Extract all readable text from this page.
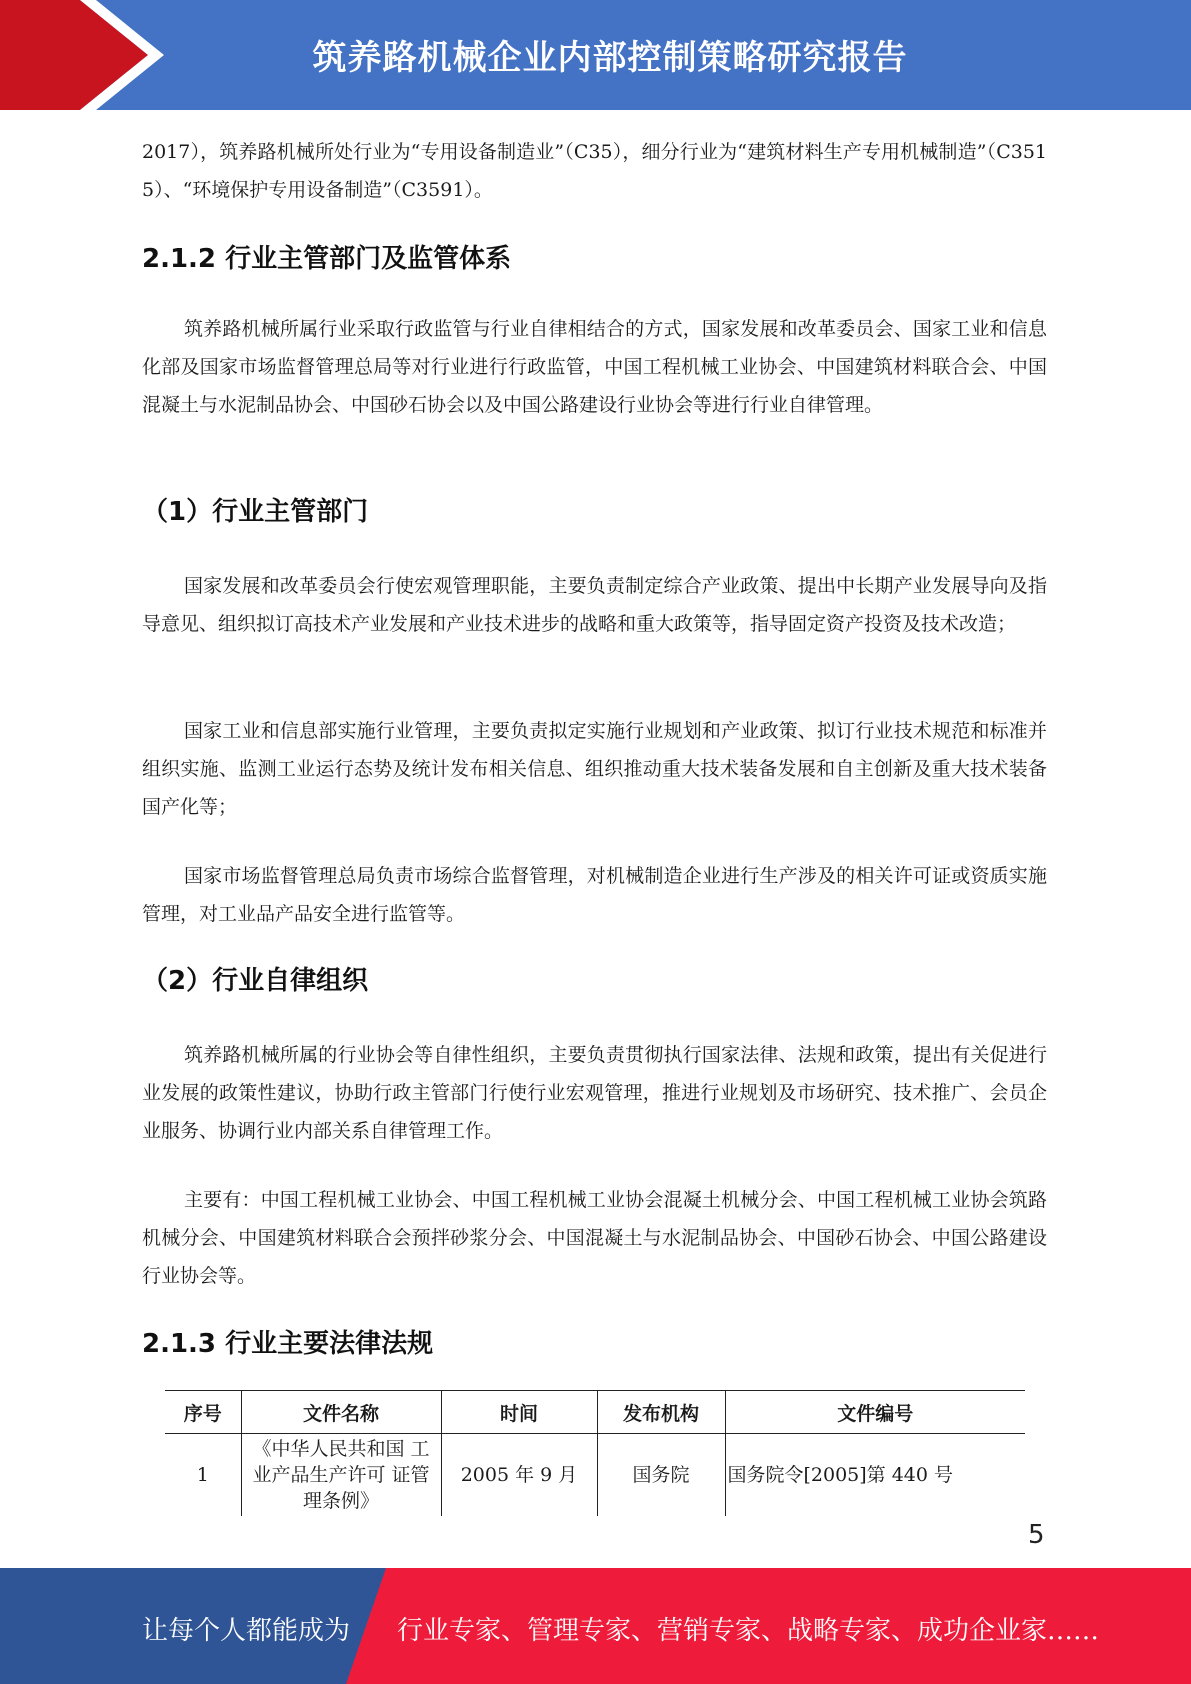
筑养路机械企业内部控制策略研究报告

2017），筑养路机械所处行业为“专用设备制造业”（C35），细分行业为“建筑材料生产专用机械制造”（C3515）、“环境保护专用设备制造”（C3591）。

2.1.2 行业主管部门及监管体系

筑养路机械所属行业采取行政监管与行业自律相结合的方式，国家发展和改革委员会、国家工业和信息化部及国家市场监督管理总局等对行业进行行政监管，中国工程机械工业协会、中国建筑材料联合会、中国混凝土与水泥制品协会、中国砂石协会以及中国公路建设行业协会等进行行业自律管理。

（1）行业主管部门

国家发展和改革委员会行使宏观管理职能，主要负责制定综合产业政策、提出中长期产业发展导向及指导意见、组织拟订高技术产业发展和产业技术进步的战略和重大政策等，指导固定资产投资及技术改造；

国家工业和信息部实施行业管理，主要负责拟定实施行业规划和产业政策、拟订行业技术规范和标准并组织实施、监测工业运行态势及统计发布相关信息、组织推动重大技术装备发展和自主创新及重大技术装备国产化等；

国家市场监督管理总局负责市场综合监督管理，对机械制造企业进行生产涉及的相关许可证或资质实施管理，对工业品产品安全进行监管等。

（2）行业自律组织

筑养路机械所属的行业协会等自律性组织，主要负责贯彻执行国家法律、法规和政策，提出有关促进行业发展的政策性建议，协助行政主管部门行使行业宏观管理，推进行业规划及市场研究、技术推广、会员企业服务、协调行业内部关系自律管理工作。

主要有：中国工程机械工业协会、中国工程机械工业协会混凝土机械分会、中国工程机械工业协会筑路机械分会、中国建筑材料联合会预拌砂浆分会、中国混凝土与水泥制品协会、中国砂石协会、中国公路建设行业协会等。

2.1.3 行业主要法律法规
序号	文件名称	时间	发布机构	文件编号
1	《中华人民共和国 工业产品生产许可 证管理条例》	2005 年 9 月	国务院	国务院令[2005]第 440 号
5
让每个人都能成为 行业专家、管理专家、营销专家、战略专家、成功企业家……
